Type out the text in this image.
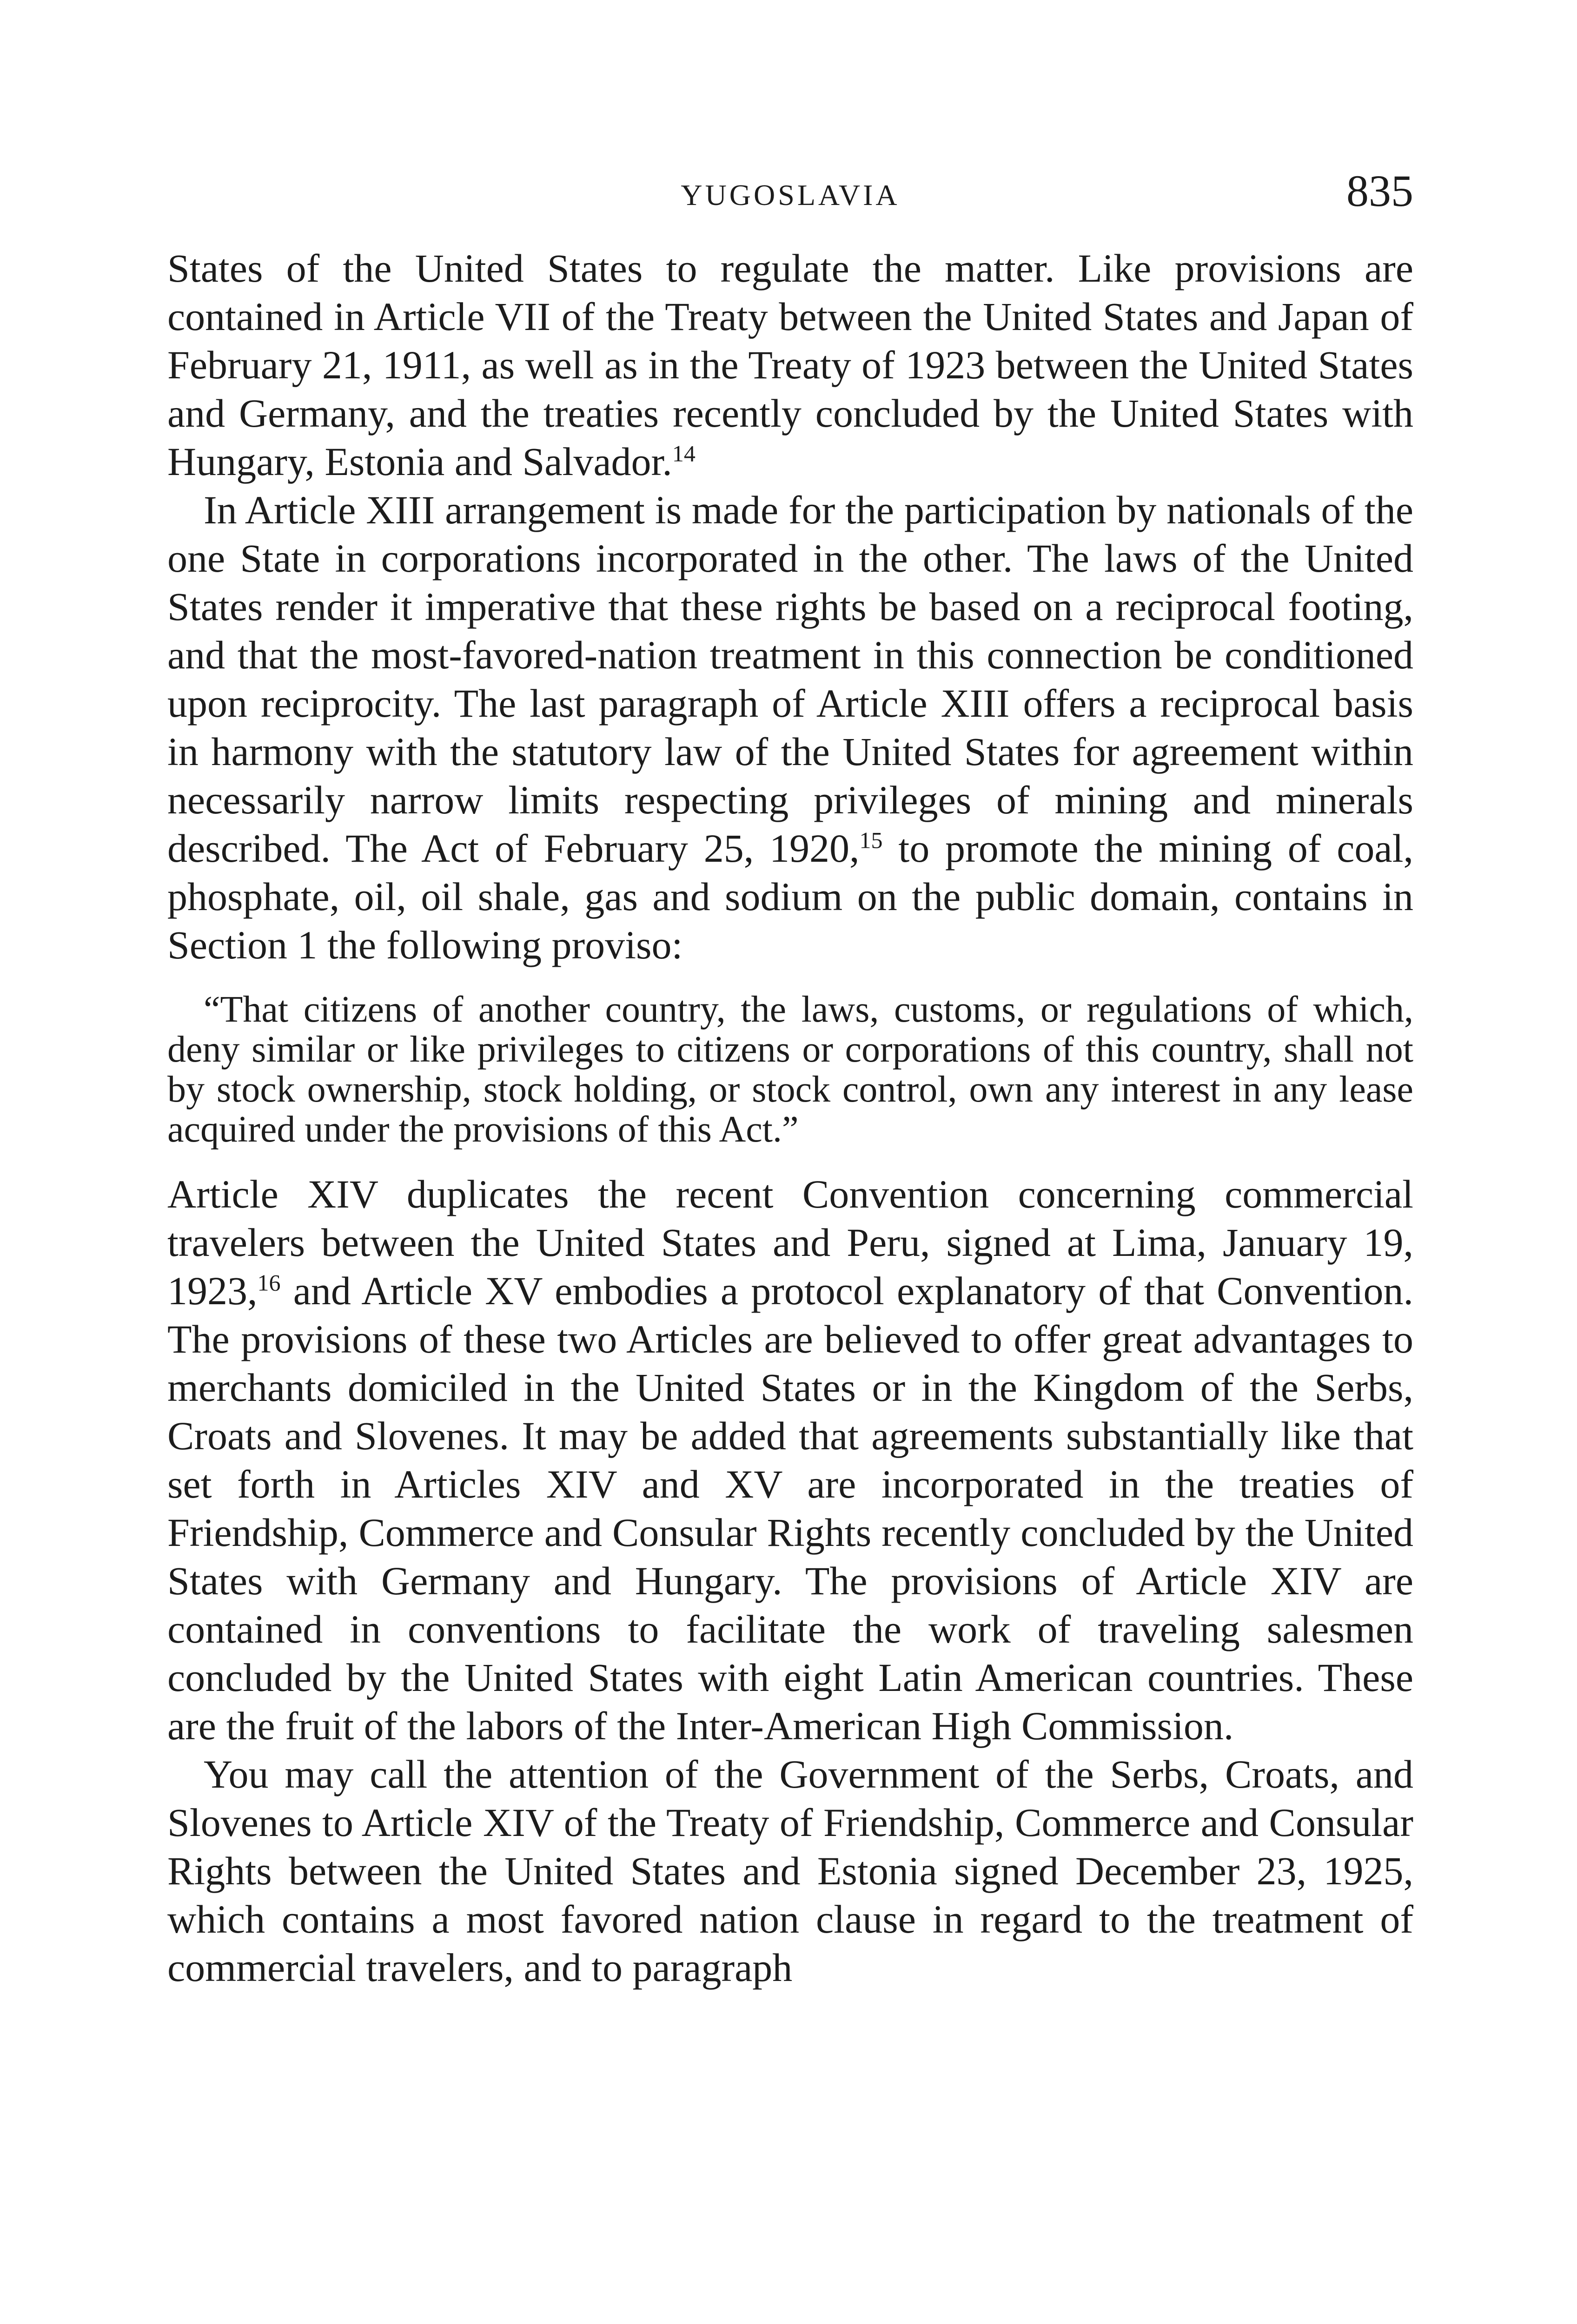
YUGOSLAVIA	835

States of the United States to regulate the matter. Like provisions are contained in Article VII of the Treaty between the United States and Japan of February 21, 1911, as well as in the Treaty of 1923 between the United States and Germany, and the treaties recently concluded by the United States with Hungary, Estonia and Salvador.$^{14}$

In Article XIII arrangement is made for the participation by nationals of the one State in corporations incorporated in the other. The laws of the United States render it imperative that these rights be based on a reciprocal footing, and that the most-favored-nation treatment in this connection be conditioned upon reciprocity. The last paragraph of Article XIII offers a reciprocal basis in harmony with the statutory law of the United States for agreement within necessarily narrow limits respecting privileges of mining and minerals described. The Act of February 25, 1920,15 to promote the mining of coal, phosphate, oil, oil shale, gas and sodium on the public domain, contains in Section 1 the following proviso:

“That citizens of another country, the laws, customs, or regulations of which, deny similar or like privileges to citizens or corporations of this country, shall not by stock ownership, stock holding, or stock control, own any interest in any lease acquired under the provisions of this Act.”

Article XIV duplicates the recent Convention concerning commercial travelers between the United States and Peru, signed at Lima, January 19, 1923,16 and Article XV embodies a protocol explanatory of that Convention. The provisions of these two Articles are believed to offer great advantages to merchants domiciled in the United States or in the Kingdom of the Serbs, Croats and Slovenes. It may be added that agreements substantially like that set forth in Articles XIV and XV are incorporated in the treaties of Friendship, Commerce and Consular Rights recently concluded by the United States with Germany and Hungary. The provisions of Article XIV are contained in conventions to facilitate the work of traveling salesmen concluded by the United States with eight Latin American countries. These are the fruit of the labors of the Inter-American High Commission.

You may call the attention of the Government of the Serbs, Croats, and Slovenes to Article XIV of the Treaty of Friendship, Commerce and Consular Rights between the United States and Estonia signed December 23, 1925, which contains a most favored nation clause in regard to the treatment of commercial travelers, and to paragraph
